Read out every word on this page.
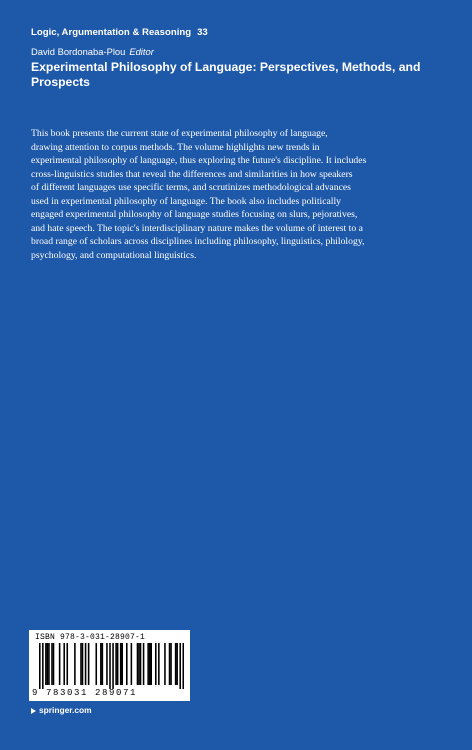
Logic, Argumentation & Reasoning 33
David Bordonaba-Plou Editor
Experimental Philosophy of Language: Perspectives, Methods, and
Prospects
This book presents the current state of experimental philosophy of language,
drawing attention to corpus methods. The volume highlights new trends in
experimental philosophy of language, thus exploring the future's discipline. It includes
cross-linguistics studies that reveal the differences and similarities in how speakers
of different languages use specific terms, and scrutinizes methodological advances
used in experimental philosophy of language. The book also includes politically
engaged experimental philosophy of language studies focusing on slurs, pejoratives,
and hate speech. The topic's interdisciplinary nature makes the volume of interest to a
broad range of scholars across disciplines including philosophy, linguistics, philology,
psychology, and computational linguistics.
ISBN 978-3-031-28907-1
9 783031 289071
springer.com
